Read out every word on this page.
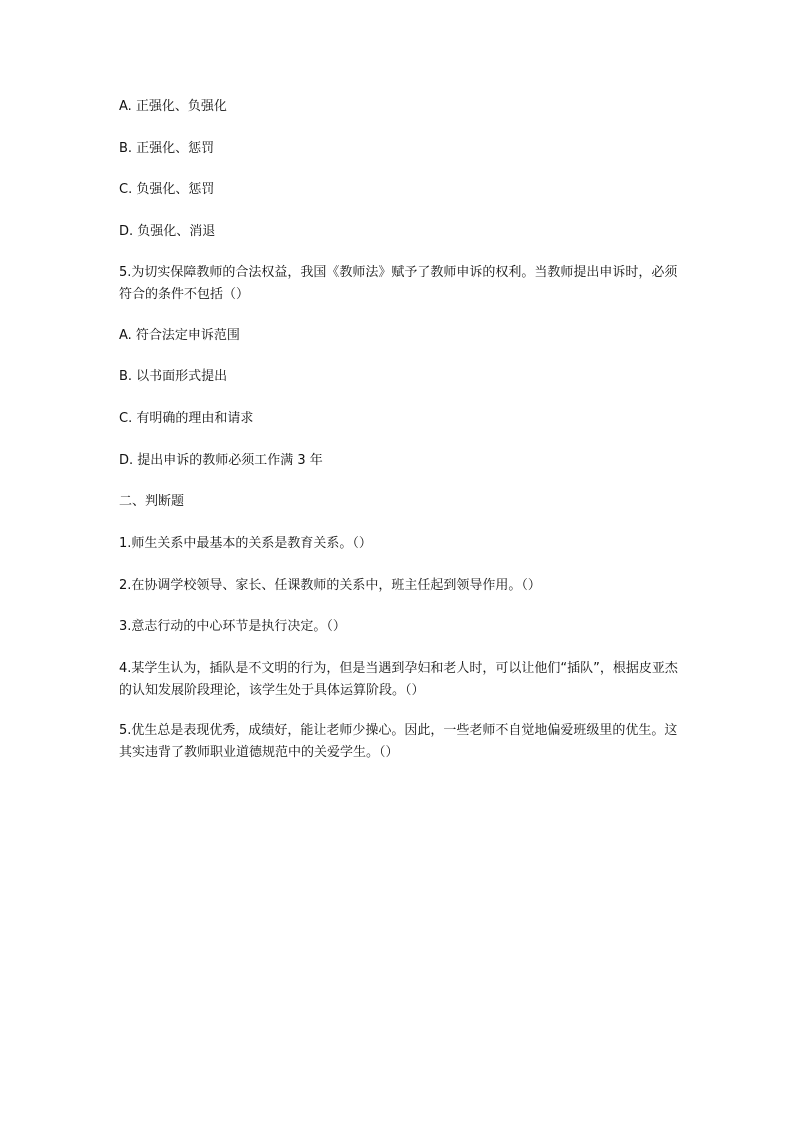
A. 正强化、负强化
B. 正强化、惩罚
C. 负强化、惩罚
D. 负强化、消退
5.为切实保障教师的合法权益，我国《教师法》赋予了教师申诉的权利。当教师提出申诉时，必须符合的条件不包括（）
A. 符合法定申诉范围
B. 以书面形式提出
C. 有明确的理由和请求
D. 提出申诉的教师必须工作满 3 年
二、判断题
1.师生关系中最基本的关系是教育关系。（）
2.在协调学校领导、家长、任课教师的关系中，班主任起到领导作用。（）
3.意志行动的中心环节是执行决定。（）
4.某学生认为，插队是不文明的行为，但是当遇到孕妇和老人时，可以让他们“插队”，根据皮亚杰的认知发展阶段理论，该学生处于具体运算阶段。（）
5.优生总是表现优秀，成绩好，能让老师少操心。因此，一些老师不自觉地偏爱班级里的优生。这其实违背了教师职业道德规范中的关爱学生。（）
